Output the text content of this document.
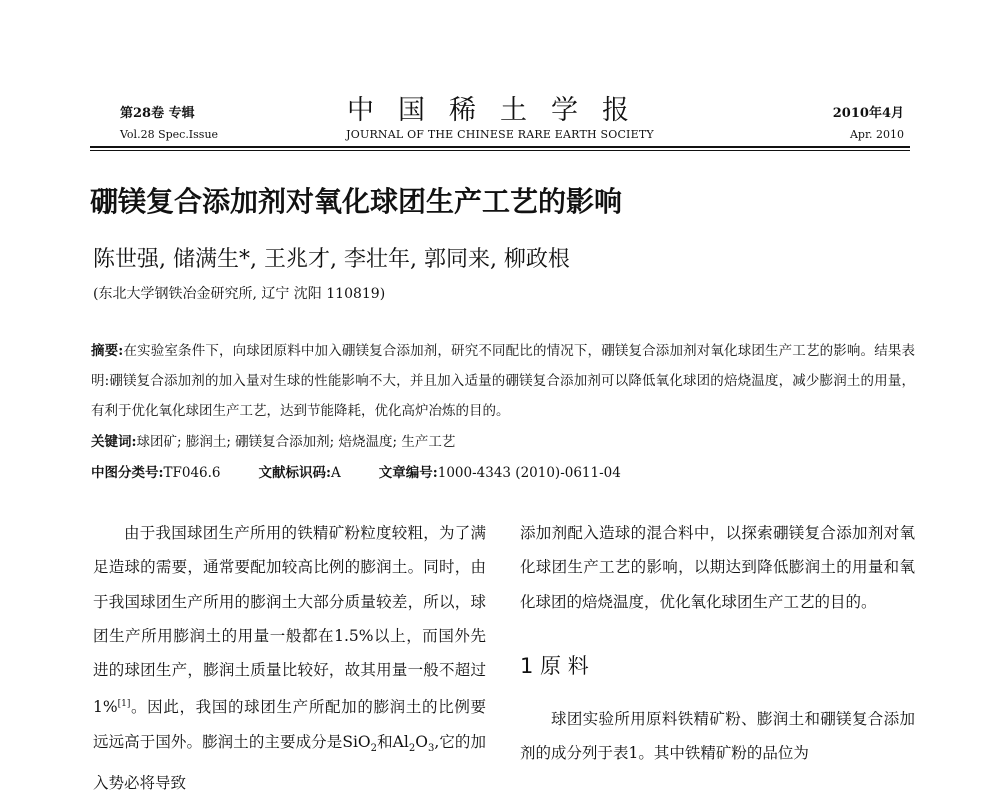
第28卷 专辑
Vol.28 Spec.Issue
中国稀土学报
JOURNAL OF THE CHINESE RARE EARTH SOCIETY
2010年4月
Apr. 2010
硼镁复合添加剂对氧化球团生产工艺的影响
陈世强, 储满生*, 王兆才, 李壮年, 郭同来, 柳政根
(东北大学钢铁冶金研究所, 辽宁 沈阳 110819)
摘要:在实验室条件下，向球团原料中加入硼镁复合添加剂，研究不同配比的情况下，硼镁复合添加剂对氧化球团生产工艺的影响。结果表明:硼镁复合添加剂的加入量对生球的性能影响不大，并且加入适量的硼镁复合添加剂可以降低氧化球团的焙烧温度，减少膨润土的用量，有利于优化氧化球团生产工艺，达到节能降耗，优化高炉冶炼的目的。
关键词:球团矿; 膨润土; 硼镁复合添加剂; 焙烧温度; 生产工艺
中图分类号:TF046.6	文献标识码:A	文章编号:1000-4343 (2010)-0611-04

由于我国球团生产所用的铁精矿粉粒度较粗，为了满足造球的需要，通常要配加较高比例的膨润土。同时，由于我国球团生产所用的膨润土大部分质量较差，所以，球团生产所用膨润土的用量一般都在1.5%以上，而国外先进的球团生产，膨润土质量比较好，故其用量一般不超过1%[1]。因此，我国的球团生产所配加的膨润土的比例要远远高于国外。膨润土的主要成分是SiO$_2$和$Al_2O_3$,它的加入势必将导致

添加剂配入造球的混合料中，以探索硼镁复合添加剂对氧化球团生产工艺的影响，以期达到降低膨润土的用量和氧化球团的焙烧温度，优化氧化球团生产工艺的目的。

1 原 料

球团实验所用原料铁精矿粉、膨润土和硼镁复合添加剂的成分列于表1。其中铁精矿粉的品位为
